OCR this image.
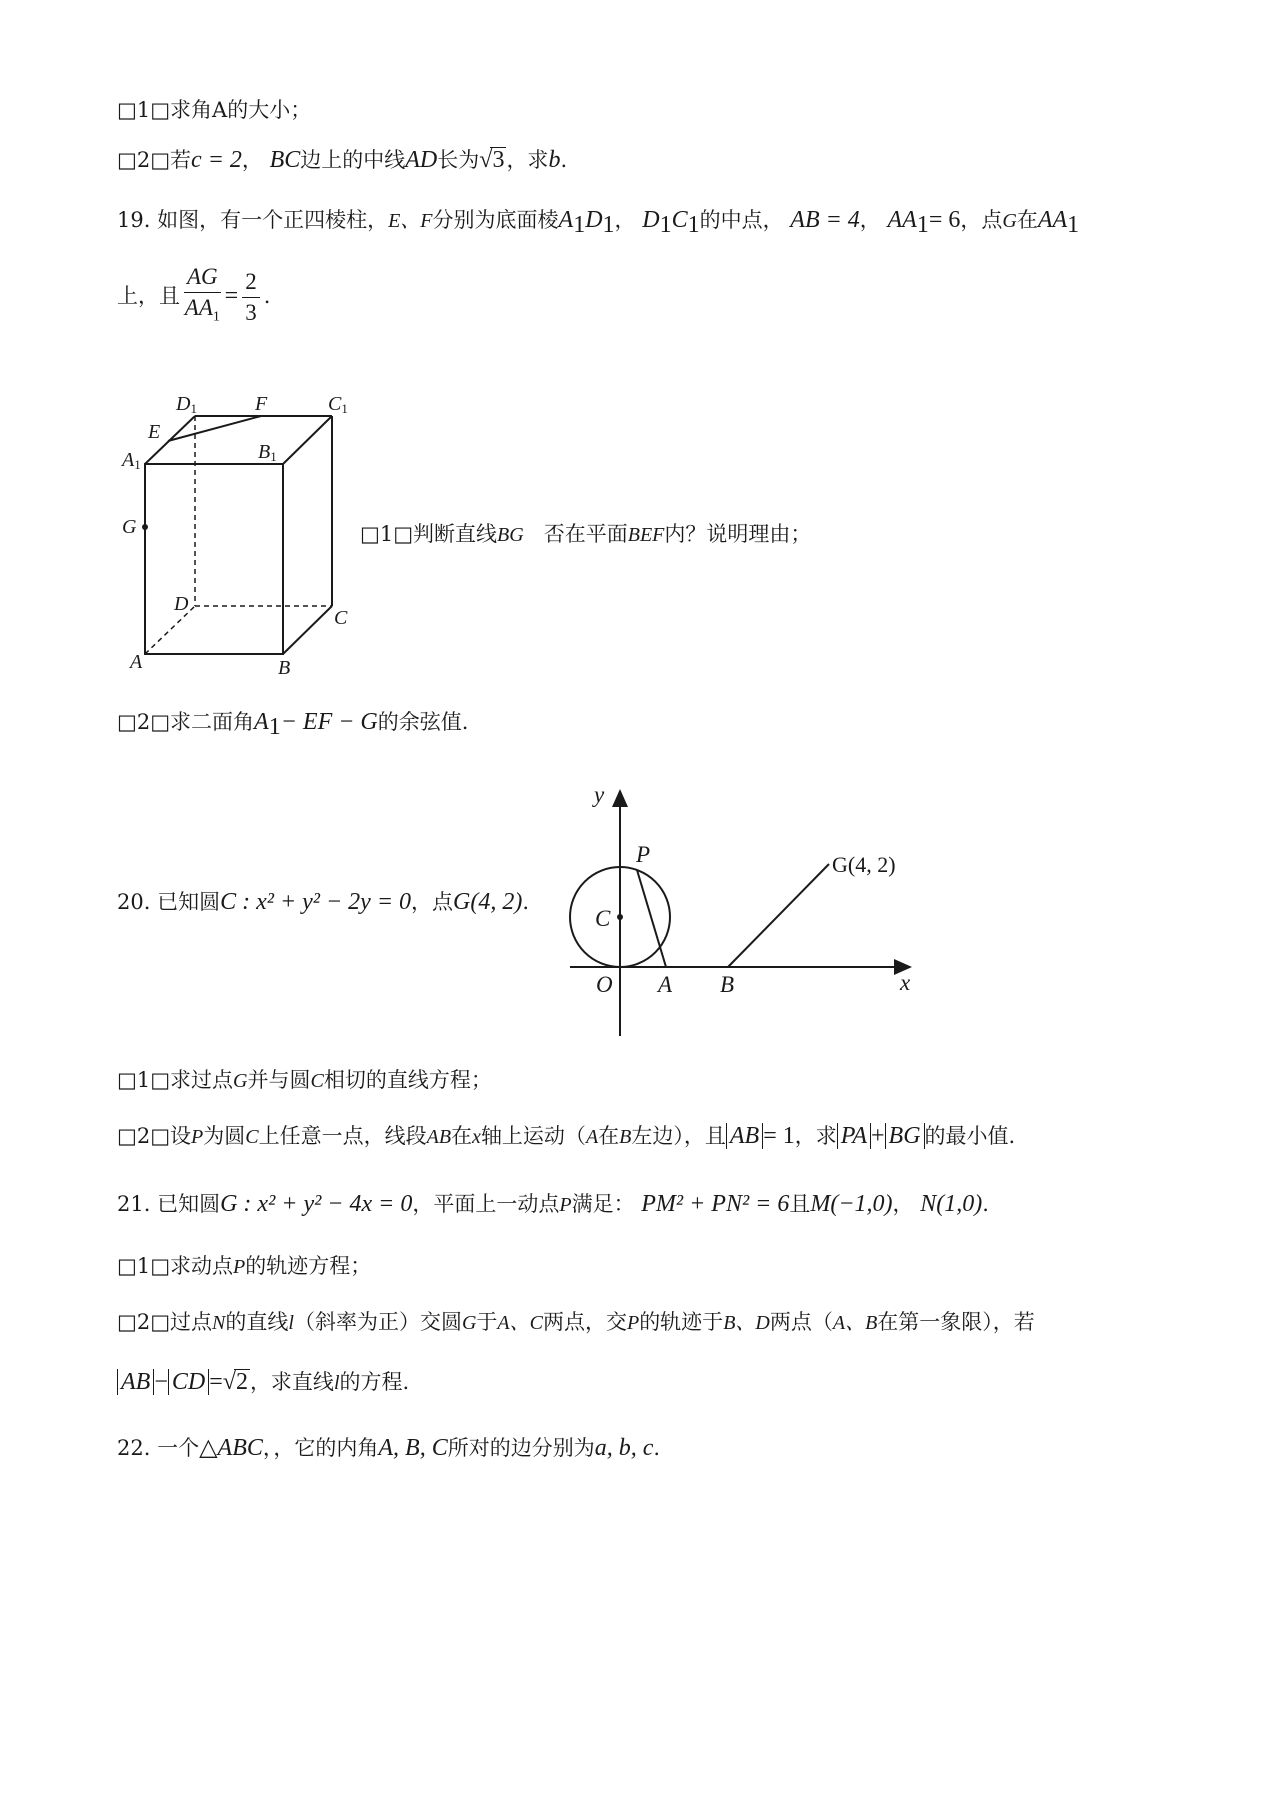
□1□求角A的大小；
□2□若c = 2， BC边上的中线AD长为√3，求b.
19. 如图，有一个正四棱柱，E、F分别为底面棱$A_1D_1$， $D_1C_1$的中点， AB = 4， $AA_1= 6$，点G在$AA_1$
上，且 $\frac{AG}{AA_1} = \frac{2}{3}$ .
D1	F	C1
E
A1
B1
G
D
C
A	B
□1□判断直线BG 否在平面BEF内？说明理由；
□2□求二面角$A_1-$ EF − G的余弦值.
20. 已知圆C : x² + y² − 2y = 0，点G(4, 2).
y
x
P
C
O A B
G(4, 2)
□1□求过点G并与圆C相切的直线方程；
□2□设P为圆C上任意一点，线段AB在x轴上运动（A在B左边），且 AB = 1，求 PA + BG 的最小值.
21. 已知圆G : x² + y² − 4x = 0，平面上一动点P满足： PM² + PN² = 6且M(−1,0)， N(1,0).
□1□求动点P的轨迹方程；
□2□过点N的直线l（斜率为正）交圆G于A、C两点，交P的轨迹于B、D两点（A、B在第一象限），若
AB − CD =√2，求直线l的方程.
22. 一个△ABC，，它的内角A, B, C所对的边分别为a, b, c.
